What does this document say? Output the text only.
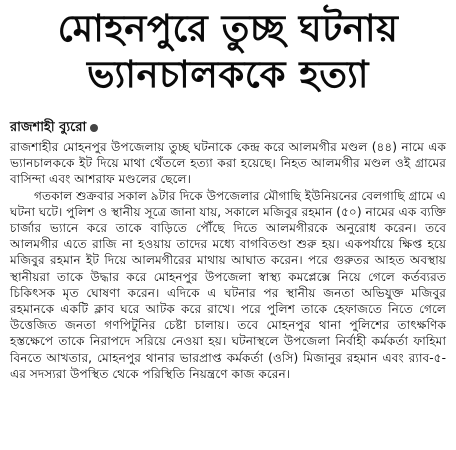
মোহনপুরে তুচ্ছ ঘটনায়
ভ্যানচালককে হত্যা
রাজশাহী ব্যুরো

রাজশাহীর মোহনপুর উপজেলায় তুচ্ছ ঘটনাকে কেন্দ্র করে আলমগীর মণ্ডল (৪৪) নামে এক ভ্যানচালককে ইট দিয়ে মাথা থেঁতলে হত্যা করা হয়েছে। নিহত আলমগীর মণ্ডল ওই গ্রামের বাসিন্দা এবং আশরাফ মণ্ডলের ছেলে।

গতকাল শুক্রবার সকাল ৯টার দিকে উপজেলার মৌগাছি ইউনিয়নের বেলগাছি গ্রামে এ ঘটনা ঘটে। পুলিশ ও স্থানীয় সূত্রে জানা যায়, সকালে মজিবুর রহমান (৫০) নামের এক ব্যক্তি চার্জার ভ্যানে করে তাকে বাড়িতে পৌঁছে দিতে আলমগীরকে অনুরোধ করেন। তবে আলমগীর এতে রাজি না হওয়ায় তাদের মধ্যে বাগবিতণ্ডা শুরু হয়। একপর্যায়ে ক্ষিপ্ত হয়ে মজিবুর রহমান ইট দিয়ে আলমগীরের মাথায় আঘাত করেন। পরে গুরুতর আহত অবস্থায় স্থানীয়রা তাকে উদ্ধার করে মোহনপুর উপজেলা স্বাস্থ্য কমপ্লেক্সে নিয়ে গেলে কর্তব্যরত চিকিৎসক মৃত ঘোষণা করেন। এদিকে এ ঘটনার পর স্থানীয় জনতা অভিযুক্ত মজিবুর রহমানকে একটি ক্লাব ঘরে আটক করে রাখে। পরে পুলিশ তাকে হেফাজতে নিতে গেলে উত্তেজিত জনতা গণপিটুনির চেষ্টা চালায়। তবে মোহনপুর থানা পুলিশের তাৎক্ষণিক হস্তক্ষেপে তাকে নিরাপদে সরিয়ে নেওয়া হয়। ঘটনাস্থলে উপজেলা নির্বাহী কর্মকর্তা ফাহিমা বিনতে আখতার, মোহনপুর থানার ভারপ্রাপ্ত কর্মকর্তা (ওসি) মিজানুর রহমান এবং র‍্যাব-৫-এর সদস্যরা উপস্থিত থেকে পরিস্থিতি নিয়ন্ত্রণে কাজ করেন।
